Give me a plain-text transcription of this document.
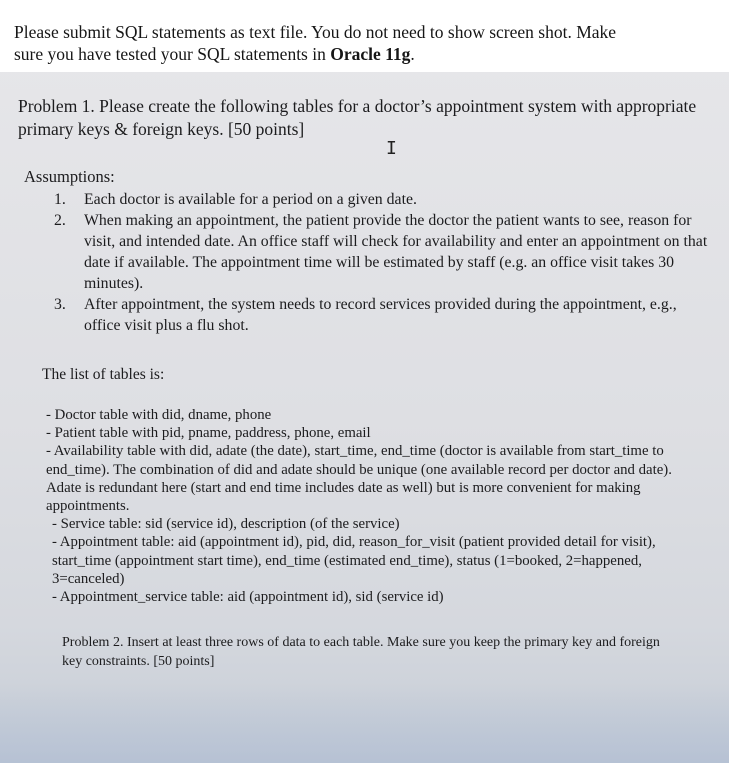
Please submit SQL statements as text file. You do not need to show screen shot. Make
sure you have tested your SQL statements in Oracle 11g.
Problem 1. Please create the following tables for a doctor’s appointment system with appropriate primary keys & foreign keys. [50 points]
I
Assumptions:
1. Each doctor is available for a period on a given date.
2. When making an appointment, the patient provide the doctor the patient wants to see, reason for visit, and intended date. An office staff will check for availability and enter an appointment on that date if available. The appointment time will be estimated by staff (e.g. an office visit takes 30 minutes).
3. After appointment, the system needs to record services provided during the appointment, e.g., office visit plus a flu shot.
The list of tables is:
- Doctor table with did, dname, phone
- Patient table with pid, pname, paddress, phone, email
- Availability table with did, adate (the date), start_time, end_time (doctor is available from start_time to end_time). The combination of did and adate should be unique (one available record per doctor and date). Adate is redundant here (start and end time includes date as well) but is more convenient for making appointments.
- Service table: sid (service id), description (of the service)
- Appointment table: aid (appointment id), pid, did, reason_for_visit (patient provided detail for visit), start_time (appointment start time), end_time (estimated end_time), status (1=booked, 2=happened, 3=canceled)
- Appointment_service table: aid (appointment id), sid (service id)
Problem 2. Insert at least three rows of data to each table. Make sure you keep the primary key and foreign key constraints. [50 points]
